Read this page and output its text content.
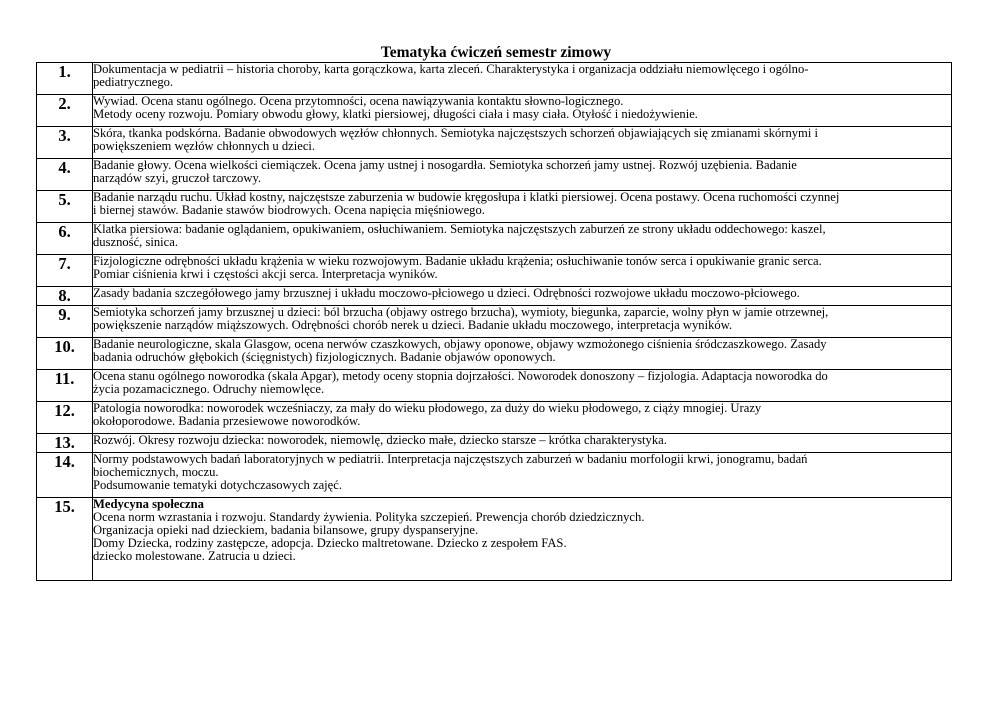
Tematyka ćwiczeń semestr zimowy
1.	Dokumentacja w pediatrii – historia choroby, karta gorączkowa, karta zleceń. Charakterystyka i organizacja oddziału niemowlęcego i ogólno-
pediatrycznego.

2.	Wywiad. Ocena stanu ogólnego. Ocena przytomności, ocena nawiązywania kontaktu słowno-logicznego.
Metody oceny rozwoju. Pomiary obwodu głowy, klatki piersiowej, długości ciała i masy ciała. Otyłość i niedożywienie.

3.	Skóra, tkanka podskórna. Badanie obwodowych węzłów chłonnych. Semiotyka najczęstszych schorzeń objawiających się zmianami skórnymi i
powiększeniem węzłów chłonnych u dzieci.

4.	Badanie głowy. Ocena wielkości ciemiączek. Ocena jamy ustnej i nosogardła. Semiotyka schorzeń jamy ustnej. Rozwój uzębienia. Badanie
narządów szyi, gruczoł tarczowy.

5.	Badanie narządu ruchu. Układ kostny, najczęstsze zaburzenia w budowie kręgosłupa i klatki piersiowej. Ocena postawy. Ocena ruchomości czynnej
i biernej stawów. Badanie stawów biodrowych. Ocena napięcia mięśniowego.

6.	Klatka piersiowa: badanie oglądaniem, opukiwaniem, osłuchiwaniem. Semiotyka najczęstszych zaburzeń ze strony układu oddechowego: kaszel,
duszność, sinica.

7.	Fizjologiczne odrębności układu krążenia w wieku rozwojowym. Badanie układu krążenia; osłuchiwanie tonów serca i opukiwanie granic serca.
Pomiar ciśnienia krwi i częstości akcji serca. Interpretacja wyników.

8.	Zasady badania szczegółowego jamy brzusznej i układu moczowo-płciowego u dzieci. Odrębności rozwojowe układu moczowo-płciowego.

9.	Semiotyka schorzeń jamy brzusznej u dzieci: ból brzucha (objawy ostrego brzucha), wymioty, biegunka, zaparcie, wolny płyn w jamie otrzewnej,
powiększenie narządów miąższowych. Odrębności chorób nerek u dzieci. Badanie układu moczowego, interpretacja wyników.

10.	Badanie neurologiczne, skala Glasgow, ocena nerwów czaszkowych, objawy oponowe, objawy wzmożonego ciśnienia śródczaszkowego. Zasady
badania odruchów głębokich (ścięgnistych) fizjologicznych. Badanie objawów oponowych.

11.	Ocena stanu ogólnego noworodka (skala Apgar), metody oceny stopnia dojrzałości. Noworodek donoszony – fizjologia. Adaptacja noworodka do
życia pozamacicznego. Odruchy niemowlęce.

12.	Patologia noworodka: noworodek wcześniaczy, za mały do wieku płodowego, za duży do wieku płodowego, z ciąży mnogiej. Urazy
okołoporodowe. Badania przesiewowe noworodków.

13.	Rozwój. Okresy rozwoju dziecka: noworodek, niemowlę, dziecko małe, dziecko starsze – krótka charakterystyka.

14.	Normy podstawowych badań laboratoryjnych w pediatrii. Interpretacja najczęstszych zaburzeń w badaniu morfologii krwi, jonogramu, badań
biochemicznych, moczu.
Podsumowanie tematyki dotychczasowych zajęć.

15.	Medycyna społeczna
Ocena norm wzrastania i rozwoju. Standardy żywienia. Polityka szczepień. Prewencja chorób dziedzicznych.
Organizacja opieki nad dzieckiem, badania bilansowe, grupy dyspanseryjne.
Domy Dziecka, rodziny zastępcze, adopcja. Dziecko maltretowane. Dziecko z zespołem FAS.
dziecko molestowane. Zatrucia u dzieci.
